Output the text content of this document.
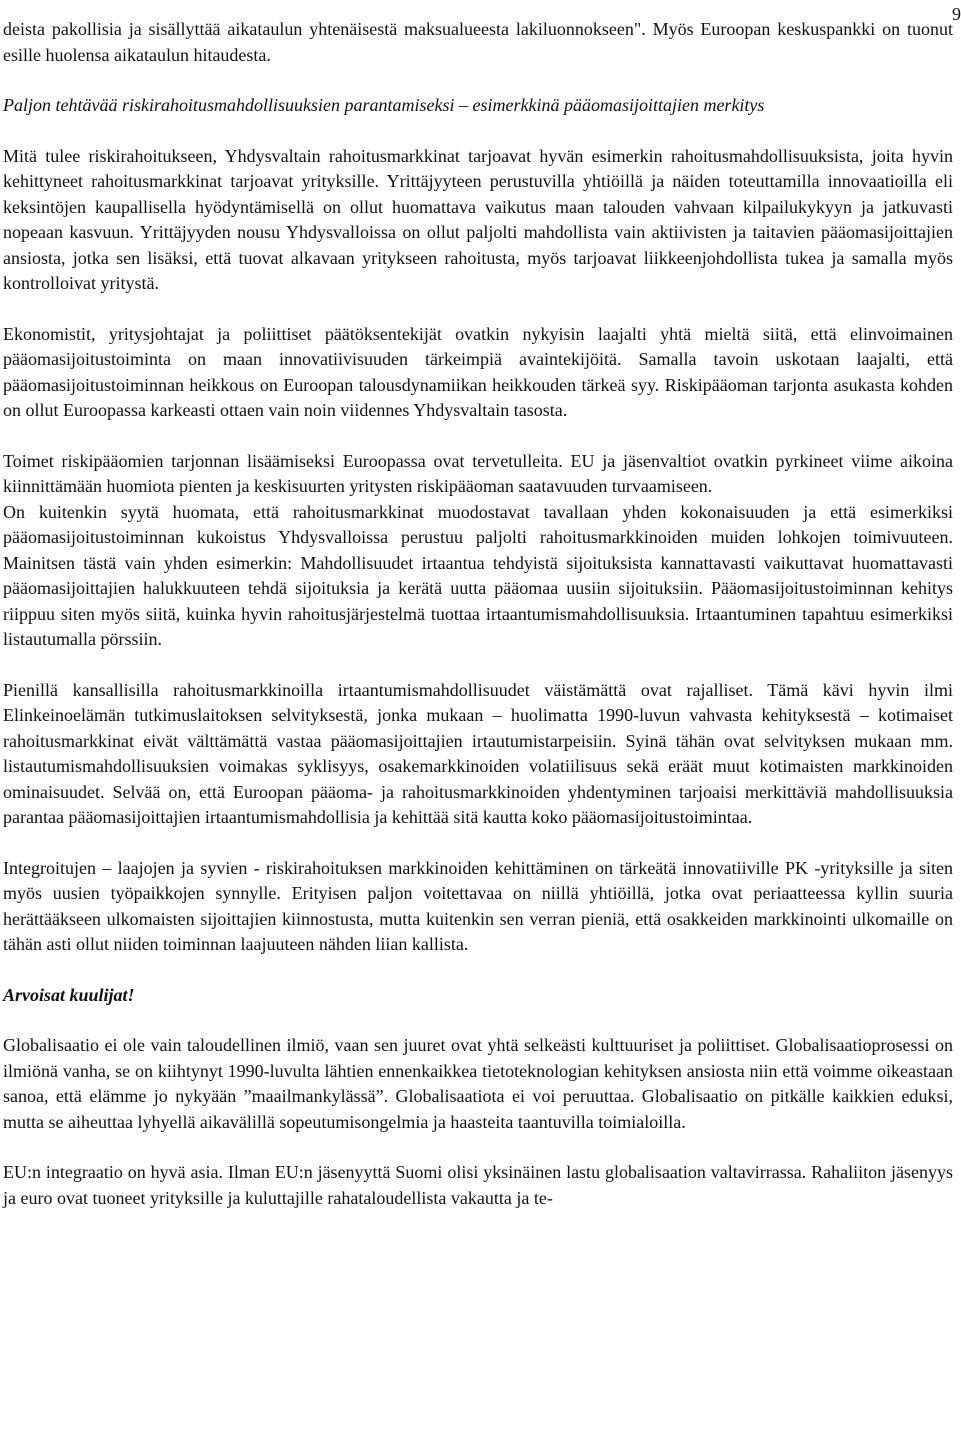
9

deista pakollisia ja sisällyttää aikataulun yhtenäisestä maksualueesta lakiluonnokseen". Myös Euroopan keskuspankki on tuonut esille huolensa aikataulun hitaudesta.

Paljon tehtävää riskirahoitusmahdollisuuksien parantamiseksi – esimerkkinä pääomasijoittajien merkitys

Mitä tulee riskirahoitukseen, Yhdysvaltain rahoitusmarkkinat tarjoavat hyvän esimerkin rahoitusmahdollisuuksista, joita hyvin kehittyneet rahoitusmarkkinat tarjoavat yrityksille. Yrittäjyyteen perustuvilla yhtiöillä ja näiden toteuttamilla innovaatioilla eli keksintöjen kaupallisella hyödyntämisellä on ollut huomattava vaikutus maan talouden vahvaan kilpailukykyyn ja jatkuvasti nopeaan kasvuun. Yrittäjyyden nousu Yhdysvalloissa on ollut paljolti mahdollista vain aktiivisten ja taitavien pääomasijoittajien ansiosta, jotka sen lisäksi, että tuovat alkavaan yritykseen rahoitusta, myös tarjoavat liikkeenjohdollista tukea ja samalla myös kontrolloivat yritystä.

Ekonomistit, yritysjohtajat ja poliittiset päätöksentekijät ovatkin nykyisin laajalti yhtä mieltä siitä, että elinvoimainen pääomasijoitustoiminta on maan innovatiivisuuden tärkeimpiä avaintekijöitä. Samalla tavoin uskotaan laajalti, että pääomasijoitustoiminnan heikkous on Euroopan talousdynamiikan heikkouden tärkeä syy. Riskipääoman tarjonta asukasta kohden on ollut Euroopassa karkeasti ottaen vain noin viidennes Yhdysvaltain tasosta.

Toimet riskipääomien tarjonnan lisäämiseksi Euroopassa ovat tervetulleita. EU ja jäsenvaltiot ovatkin pyrkineet viime aikoina kiinnittämään huomiota pienten ja keskisuurten yritysten riskipääoman saatavuuden turvaamiseen.

On kuitenkin syytä huomata, että rahoitusmarkkinat muodostavat tavallaan yhden kokonaisuuden ja että esimerkiksi pääomasijoitustoiminnan kukoistus Yhdysvalloissa perustuu paljolti rahoitusmarkkinoiden muiden lohkojen toimivuuteen. Mainitsen tästä vain yhden esimerkin: Mahdollisuudet irtaantua tehdyistä sijoituksista kannattavasti vaikuttavat huomattavasti pääomasijoittajien halukkuuteen tehdä sijoituksia ja kerätä uutta pääomaa uusiin sijoituksiin. Pääomasijoitustoiminnan kehitys riippuu siten myös siitä, kuinka hyvin rahoitusjärjestelmä tuottaa irtaantumismahdollisuuksia. Irtaantuminen tapahtuu esimerkiksi listautumalla pörssiin.

Pienillä kansallisilla rahoitusmarkkinoilla irtaantumismahdollisuudet väistämättä ovat rajalliset. Tämä kävi hyvin ilmi Elinkeinoelämän tutkimuslaitoksen selvityksestä, jonka mukaan – huolimatta 1990-luvun vahvasta kehityksestä – kotimaiset rahoitusmarkkinat eivät välttämättä vastaa pääomasijoittajien irtautumistarpeisiin. Syinä tähän ovat selvityksen mukaan mm. listautumismahdollisuuksien voimakas syklisyys, osakemarkkinoiden volatiilisuus sekä eräät muut kotimaisten markkinoiden ominaisuudet. Selvää on, että Euroopan pääoma- ja rahoitusmarkkinoiden yhdentyminen tarjoaisi merkittäviä mahdollisuuksia parantaa pääomasijoittajien irtaantumismahdollisia ja kehittää sitä kautta koko pääomasijoitustoimintaa.

Integroitujen – laajojen ja syvien - riskirahoituksen markkinoiden kehittäminen on tärkeätä innovatiiville PK -yrityksille ja siten myös uusien työpaikkojen synnylle. Erityisen paljon voitettavaa on niillä yhtiöillä, jotka ovat periaatteessa kyllin suuria herättääkseen ulkomaisten sijoittajien kiinnostusta, mutta kuitenkin sen verran pieniä, että osakkeiden markkinointi ulkomaille on tähän asti ollut niiden toiminnan laajuuteen nähden liian kallista.

Arvoisat kuulijat!

Globalisaatio ei ole vain taloudellinen ilmiö, vaan sen juuret ovat yhtä selkeästi kulttuuriset ja poliittiset. Globalisaatioprosessi on ilmiönä vanha, se on kiihtynyt 1990-luvulta lähtien ennenkaikkea tietoteknologian kehityksen ansiosta niin että voimme oikeastaan sanoa, että elämme jo nykyään ”maailmankylässä”. Globalisaatiota ei voi peruuttaa. Globalisaatio on pitkälle kaikkien eduksi, mutta se aiheuttaa lyhyellä aikavälillä sopeutumisongelmia ja haasteita taantuvilla toimialoilla.

EU:n integraatio on hyvä asia. Ilman EU:n jäsenyyttä Suomi olisi yksinäinen lastu globalisaation valtavirrassa. Rahaliiton jäsenyys ja euro ovat tuoneet yrityksille ja kuluttajille rahataloudellista vakautta ja te-
